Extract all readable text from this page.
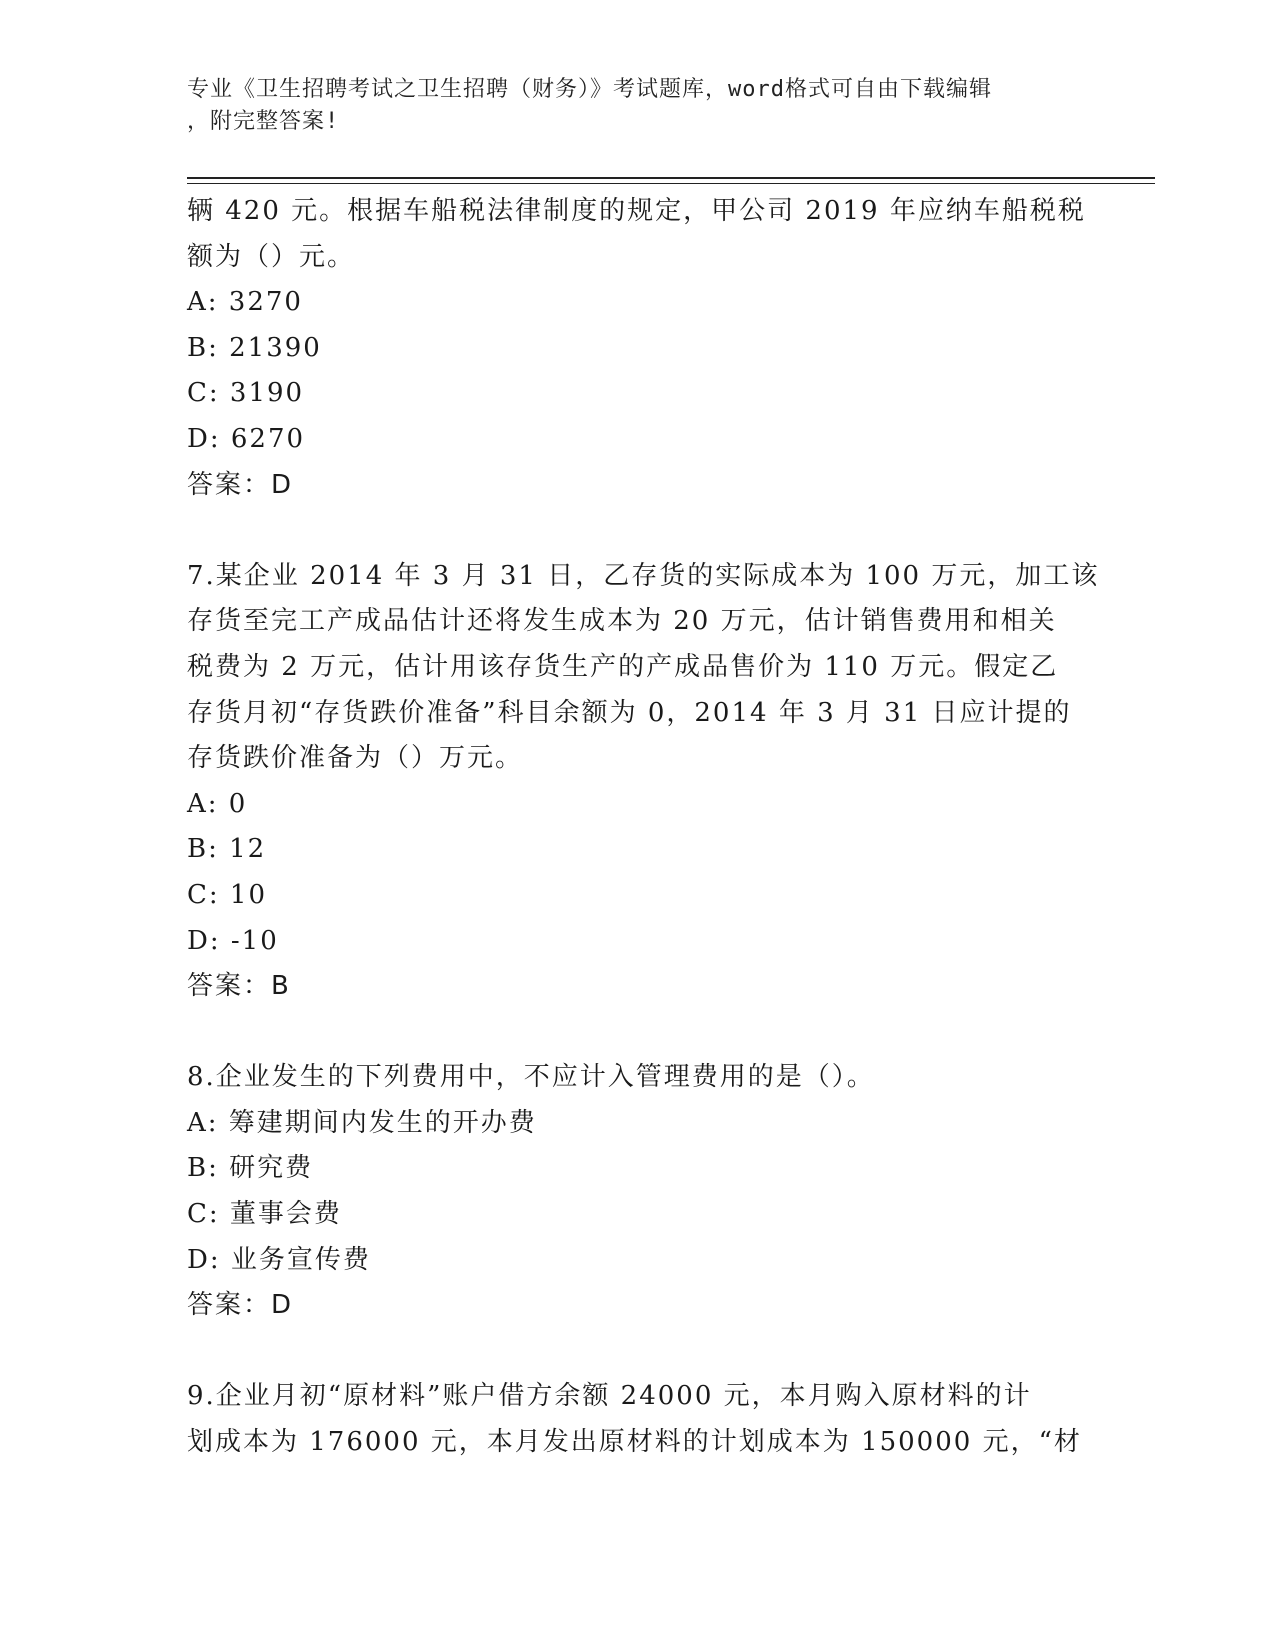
专业《卫生招聘考试之卫生招聘（财务）》考试题库，word格式可自由下载编辑
，附完整答案!
辆 420 元。根据车船税法律制度的规定，甲公司 2019 年应纳车船税税
额为（）元。
A: 3270
B: 21390
C: 3190
D: 6270
答案：D
7.某企业 2014 年 3 月 31 日，乙存货的实际成本为 100 万元，加工该
存货至完工产成品估计还将发生成本为 20 万元，估计销售费用和相关
税费为 2 万元，估计用该存货生产的产成品售价为 110 万元。假定乙
存货月初“存货跌价准备”科目余额为 0，2014 年 3 月 31 日应计提的
存货跌价准备为（）万元。
A: 0
B: 12
C: 10
D: -10
答案：B
8.企业发生的下列费用中，不应计入管理费用的是（）。
A: 筹建期间内发生的开办费
B: 研究费
C: 董事会费
D: 业务宣传费
答案：D
9.企业月初“原材料”账户借方余额 24000 元，本月购入原材料的计
划成本为 176000 元，本月发出原材料的计划成本为 150000 元，“材
